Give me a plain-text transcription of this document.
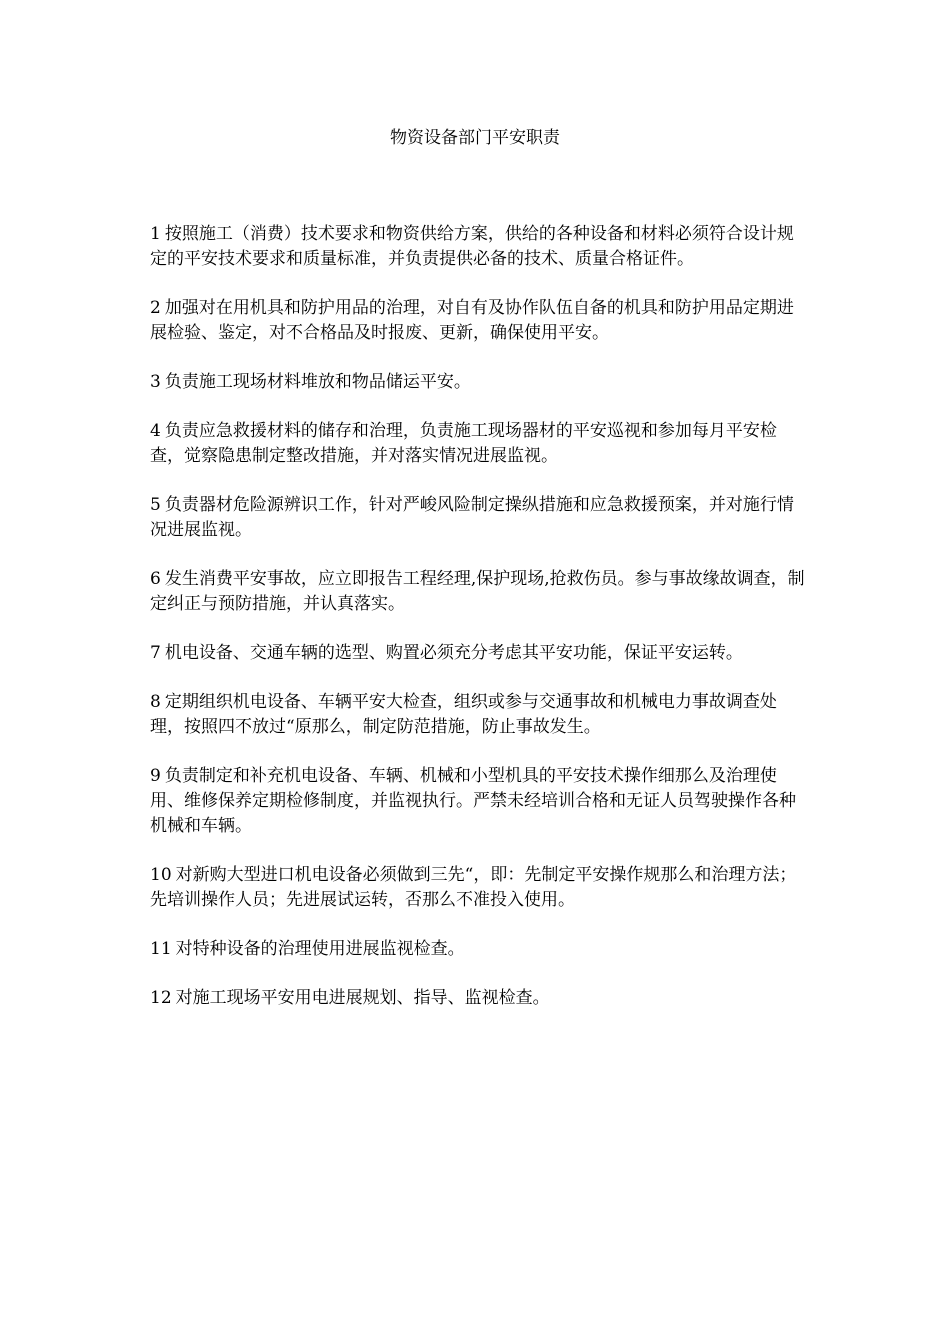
物资设备部门平安职责

1 按照施工（消费）技术要求和物资供给方案，供给的各种设备和材料必须符合设计规定的平安技术要求和质量标准，并负责提供必备的技术、质量合格证件。

2 加强对在用机具和防护用品的治理，对自有及协作队伍自备的机具和防护用品定期进展检验、鉴定，对不合格品及时报废、更新，确保使用平安。

3 负责施工现场材料堆放和物品储运平安。

4 负责应急救援材料的储存和治理，负责施工现场器材的平安巡视和参加每月平安检查，觉察隐患制定整改措施，并对落实情况进展监视。

5 负责器材危险源辨识工作，针对严峻风险制定操纵措施和应急救援预案，并对施行情况进展监视。

6 发生消费平安事故，应立即报告工程经理,保护现场,抢救伤员。参与事故缘故调查，制定纠正与预防措施，并认真落实。

7 机电设备、交通车辆的选型、购置必须充分考虑其平安功能，保证平安运转。

8 定期组织机电设备、车辆平安大检查，组织或参与交通事故和机械电力事故调查处理，按照四不放过“原那么，制定防范措施，防止事故发生。

9 负责制定和补充机电设备、车辆、机械和小型机具的平安技术操作细那么及治理使用、维修保养定期检修制度，并监视执行。严禁未经培训合格和无证人员驾驶操作各种机械和车辆。

10 对新购大型进口机电设备必须做到三先“，即：先制定平安操作规那么和治理方法；先培训操作人员；先进展试运转，否那么不准投入使用。

11 对特种设备的治理使用进展监视检查。

12 对施工现场平安用电进展规划、指导、监视检查。
